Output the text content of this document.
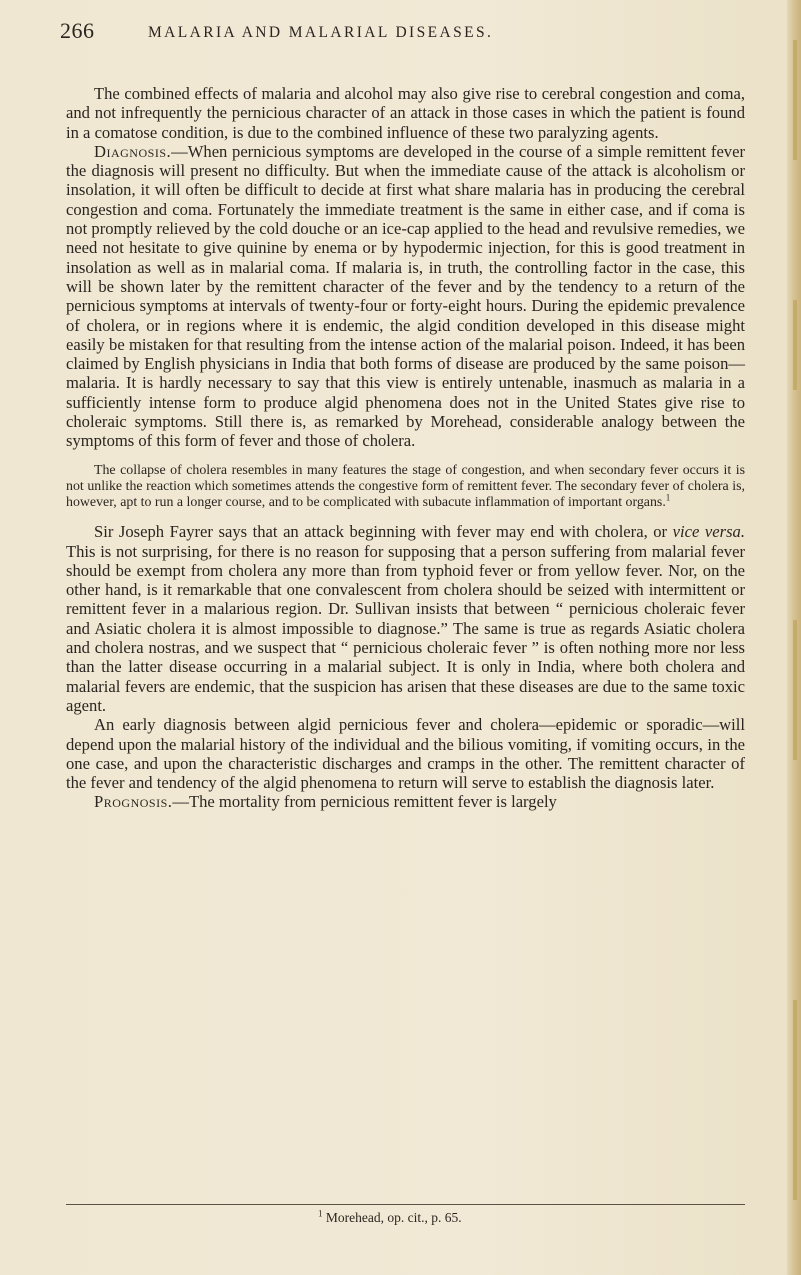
266	MALARIA AND MALARIAL DISEASES.

The combined effects of malaria and alcohol may also give rise to cerebral congestion and coma, and not infrequently the pernicious character of an attack in those cases in which the patient is found in a comatose condition, is due to the combined influence of these two paralyzing agents.

Diagnosis.—When pernicious symptoms are developed in the course of a simple remittent fever the diagnosis will present no difficulty. But when the immediate cause of the attack is alcoholism or insolation, it will often be difficult to decide at first what share malaria has in producing the cerebral congestion and coma. Fortunately the immediate treatment is the same in either case, and if coma is not promptly relieved by the cold douche or an ice-cap applied to the head and revulsive remedies, we need not hesitate to give quinine by enema or by hypodermic injection, for this is good treatment in insolation as well as in malarial coma. If malaria is, in truth, the controlling factor in the case, this will be shown later by the remittent character of the fever and by the tendency to a return of the pernicious symptoms at intervals of twenty-four or forty-eight hours. During the epidemic prevalence of cholera, or in regions where it is endemic, the algid condition developed in this disease might easily be mistaken for that resulting from the intense action of the malarial poison. Indeed, it has been claimed by English physicians in India that both forms of disease are produced by the same poison—malaria. It is hardly necessary to say that this view is entirely untenable, inasmuch as malaria in a sufficiently intense form to produce algid phenomena does not in the United States give rise to choleraic symptoms. Still there is, as remarked by Morehead, considerable analogy between the symptoms of this form of fever and those of cholera.

The collapse of cholera resembles in many features the stage of congestion, and when secondary fever occurs it is not unlike the reaction which sometimes attends the congestive form of remittent fever. The secondary fever of cholera is, however, apt to run a longer course, and to be complicated with subacute inflammation of important organs.$^1$

Sir Joseph Fayrer says that an attack beginning with fever may end with cholera, or vice versa. This is not surprising, for there is no reason for supposing that a person suffering from malarial fever should be exempt from cholera any more than from typhoid fever or from yellow fever. Nor, on the other hand, is it remarkable that one convalescent from cholera should be seized with intermittent or remittent fever in a malarious region. Dr. Sullivan insists that between “ pernicious choleraic fever and Asiatic cholera it is almost impossible to diagnose.” The same is true as regards Asiatic cholera and cholera nostras, and we suspect that “ pernicious choleraic fever ” is often nothing more nor less than the latter disease occurring in a malarial subject. It is only in India, where both cholera and malarial fevers are endemic, that the suspicion has arisen that these diseases are due to the same toxic agent.

An early diagnosis between algid pernicious fever and cholera—epidemic or sporadic—will depend upon the malarial history of the individual and the bilious vomiting, if vomiting occurs, in the one case, and upon the characteristic discharges and cramps in the other. The remittent character of the fever and tendency of the algid phenomena to return will serve to establish the diagnosis later.

Prognosis.—The mortality from pernicious remittent fever is largely

$^1$ Morehead, op. cit., p. 65.
